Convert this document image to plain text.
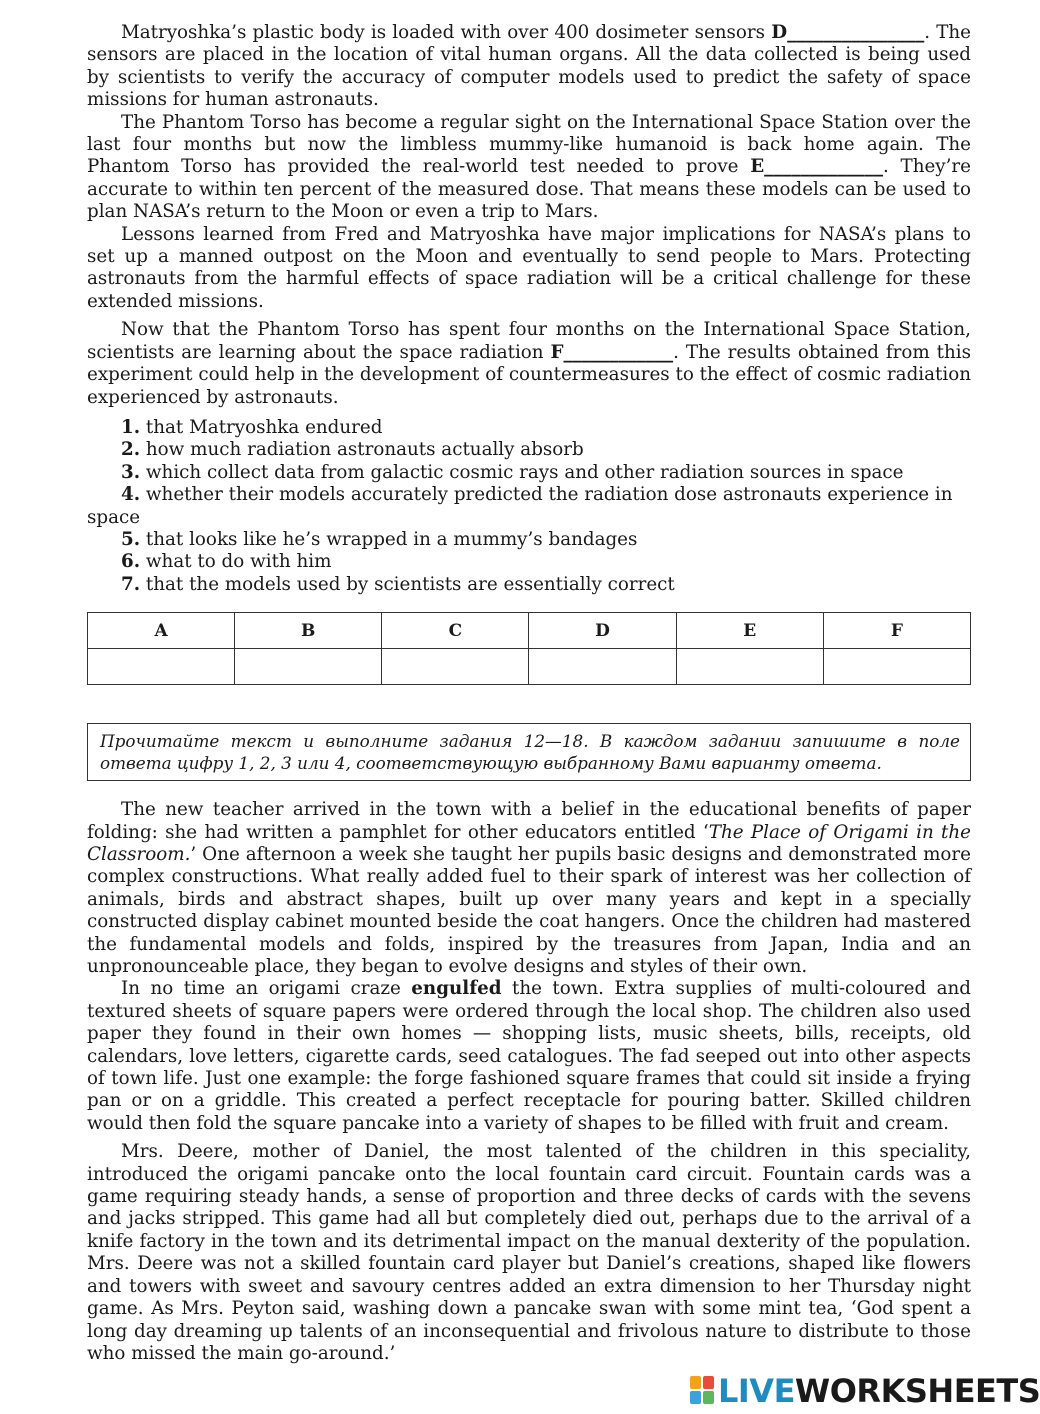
Matryoshka’s plastic body is loaded with over 400 dosimeter sensors D_______________. The sensors are placed in the location of vital human organs. All the data collected is being used by scientists to verify the accuracy of computer models used to predict the safety of space missions for human astronauts.

The Phantom Torso has become a regular sight on the International Space Station over the last four months but now the limbless mummy-like humanoid is back home again. The Phantom Torso has provided the real-world test needed to prove E_____________. They’re accurate to within ten percent of the measured dose. That means these models can be used to plan NASA’s return to the Moon or even a trip to Mars.

Lessons learned from Fred and Matryoshka have major implications for NASA’s plans to set up a manned outpost on the Moon and eventually to send people to Mars. Protecting astronauts from the harmful effects of space radiation will be a critical challenge for these extended missions.

Now that the Phantom Torso has spent four months on the International Space Station, scientists are learning about the space radiation F____________. The results obtained from this experiment could help in the development of countermeasures to the effect of cosmic radiation experienced by astronauts.

1. that Matryoshka endured
2. how much radiation astronauts actually absorb
3. which collect data from galactic cosmic rays and other radiation sources in space
4. whether their models accurately predicted the radiation dose astronauts experience in space
5. that looks like he’s wrapped in a mummy’s bandages
6. what to do with him
7. that the models used by scientists are essentially correct
A	B	C	D	E	F

Прочитайте текст и выполните задания 12—18. В каждом задании запишите в поле ответа цифру 1, 2, 3 или 4, соответствующую выбранному Вами варианту ответа.

The new teacher arrived in the town with a belief in the educational benefits of paper folding: she had written a pamphlet for other educators entitled ‘The Place of Origami in the Classroom.’ One afternoon a week she taught her pupils basic designs and demonstrated more complex constructions. What really added fuel to their spark of interest was her collection of animals, birds and abstract shapes, built up over many years and kept in a specially constructed display cabinet mounted beside the coat hangers. Once the children had mastered the fundamental models and folds, inspired by the treasures from Japan, India and an unpronounceable place, they began to evolve designs and styles of their own.

In no time an origami craze engulfed the town. Extra supplies of multi-coloured and textured sheets of square papers were ordered through the local shop. The children also used paper they found in their own homes — shopping lists, music sheets, bills, receipts, old calendars, love letters, cigarette cards, seed catalogues. The fad seeped out into other aspects of town life. Just one example: the forge fashioned square frames that could sit inside a frying pan or on a griddle. This created a perfect receptacle for pouring batter. Skilled children would then fold the square pancake into a variety of shapes to be filled with fruit and cream.

Mrs. Deere, mother of Daniel, the most talented of the children in this speciality, introduced the origami pancake onto the local fountain card circuit. Fountain cards was a game requiring steady hands, a sense of proportion and three decks of cards with the sevens and jacks stripped. This game had all but completely died out, perhaps due to the arrival of a knife factory in the town and its detrimental impact on the manual dexterity of the population. Mrs. Deere was not a skilled fountain card player but Daniel’s creations, shaped like flowers and towers with sweet and savoury centres added an extra dimension to her Thursday night game. As Mrs. Peyton said, washing down a pancake swan with some mint tea, ‘God spent a long day dreaming up talents of an inconsequential and frivolous nature to distribute to those who missed the main go-around.’

LIVE WORKSHEETS
